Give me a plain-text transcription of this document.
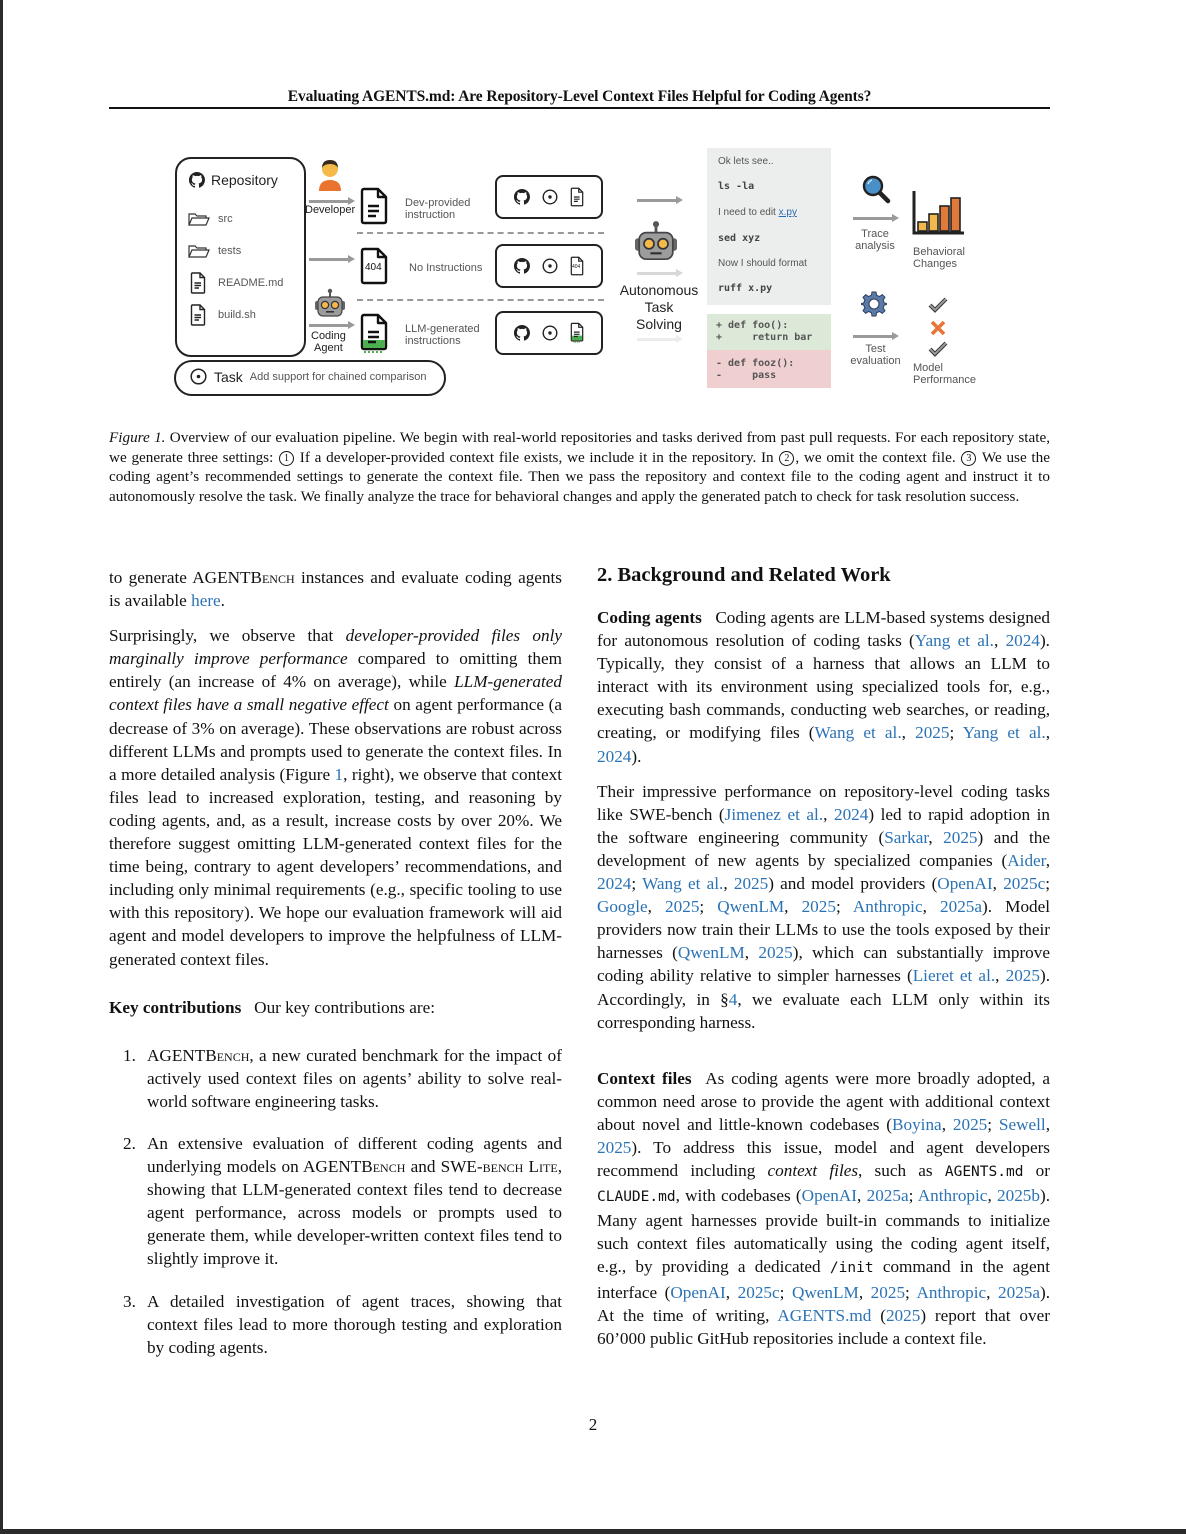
Evaluating AGENTS.md: Are Repository-Level Context Files Helpful for Coding Agents?
Repository
src
tests
README.md
build.sh
Task Add support for chained comparison
Developer
Dev-provided
instruction
404 No Instructions	404
Coding
Agent
LLM-generated
instructions
Autonomous
Task
Solving
Ok lets see..
ls -la
I need to edit x.py
sed xyz
Now I should format
ruff x.py
+ def foo():
+     return bar
- def fooz():
-     pass
Trace
analysis	Behavioral
Changes
Test
evaluation
Model
Performance
Figure 1. Overview of our evaluation pipeline. We begin with real-world repositories and tasks derived from past pull requests. For each repository state, we generate three settings: 1 If a developer-provided context file exists, we include it in the repository. In 2 , we omit the context file. 3 We use the coding agent’s recommended settings to generate the context file. Then we pass the repository and context file to the coding agent and instruct it to autonomously resolve the task. We finally analyze the trace for behavioral changes and apply the generated patch to check for task resolution success.

to generate AGENTBench instances and evaluate coding agents is available here.

Surprisingly, we observe that developer-provided files only marginally improve performance compared to omitting them entirely (an increase of 4% on average), while LLM-generated context files have a small negative effect on agent performance (a decrease of 3% on average). These observations are robust across different LLMs and prompts used to generate the context files. In a more detailed analysis (Figure 1, right), we observe that context files lead to increased exploration, testing, and reasoning by coding agents, and, as a result, increase costs by over 20%. We therefore suggest omitting LLM-generated context files for the time being, contrary to agent developers’ recommendations, and including only minimal requirements (e.g., specific tooling to use with this repository). We hope our evaluation framework will aid agent and model developers to improve the helpfulness of LLM-generated context files.

Key contributions Our key contributions are:

1. AGENTBench, a new curated benchmark for the impact of actively used context files on agents’ ability to solve real-world software engineering tasks.
2. An extensive evaluation of different coding agents and underlying models on AGENTBench and SWE-bench Lite, showing that LLM-generated context files tend to decrease agent performance, across models or prompts used to generate them, while developer-written context files tend to slightly improve it.
3. A detailed investigation of agent traces, showing that context files lead to more thorough testing and exploration by coding agents.
2. Background and Related Work

Coding agents Coding agents are LLM-based systems designed for autonomous resolution of coding tasks (Yang et al., 2024). Typically, they consist of a harness that allows an LLM to interact with its environment using specialized tools for, e.g., executing bash commands, conducting web searches, or reading, creating, or modifying files (Wang et al., 2025; Yang et al., 2024).

Their impressive performance on repository-level coding tasks like SWE-bench (Jimenez et al., 2024) led to rapid adoption in the software engineering community (Sarkar, 2025) and the development of new agents by specialized companies (Aider, 2024; Wang et al., 2025) and model providers (OpenAI, 2025c; Google, 2025; QwenLM, 2025; Anthropic, 2025a). Model providers now train their LLMs to use the tools exposed by their harnesses (QwenLM, 2025), which can substantially improve coding ability relative to simpler harnesses (Lieret et al., 2025). Accordingly, in §4, we evaluate each LLM only within its corresponding harness.

Context files As coding agents were more broadly adopted, a common need arose to provide the agent with additional context about novel and little-known codebases (Boyina, 2025; Sewell, 2025). To address this issue, model and agent developers recommend including context files, such as AGENTS.md or CLAUDE.md, with codebases (OpenAI, 2025a; Anthropic, 2025b). Many agent harnesses provide built-in commands to initialize such context files automatically using the coding agent itself, e.g., by providing a dedicated /init command in the agent interface (OpenAI, 2025c; QwenLM, 2025; Anthropic, 2025a). At the time of writing, AGENTS.md (2025) report that over 60’000 public GitHub repositories include a context file.

2
